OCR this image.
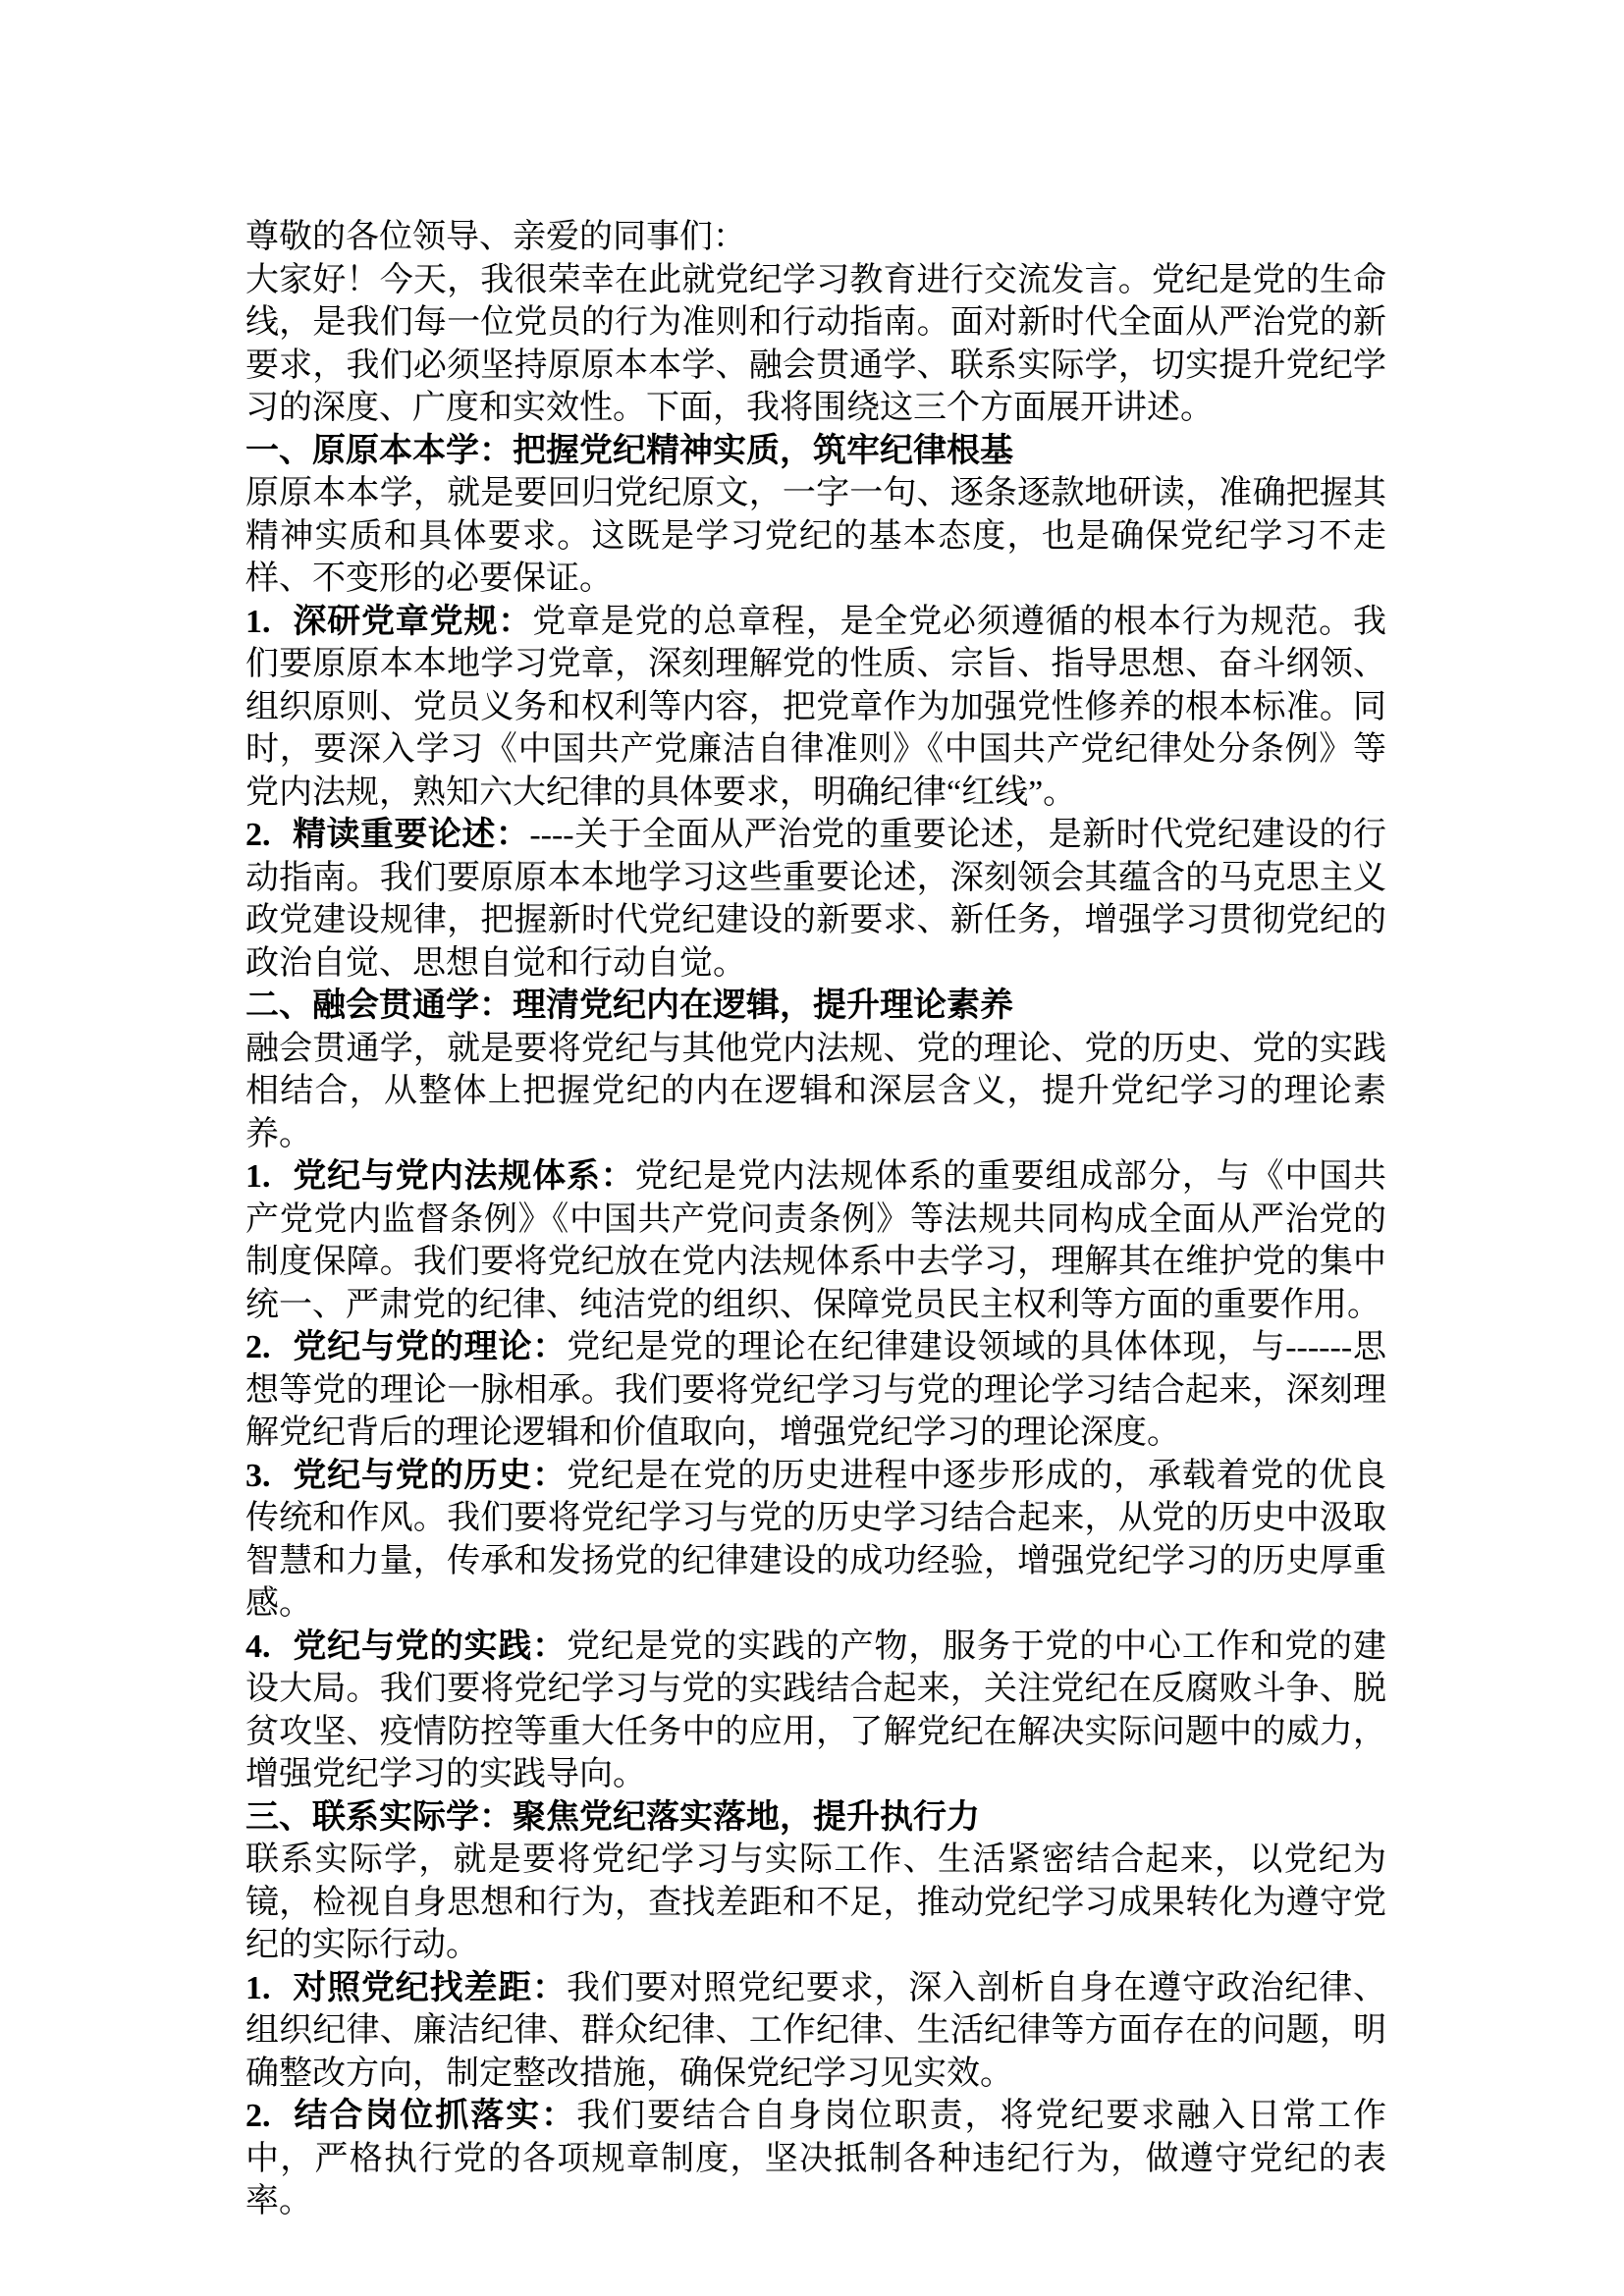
尊敬的各位领导、亲爱的同事们：

大家好！今天，我很荣幸在此就党纪学习教育进行交流发言。党纪是党的生命线，是我们每一位党员的行为准则和行动指南。面对新时代全面从严治党的新要求，我们必须坚持原原本本学、融会贯通学、联系实际学，切实提升党纪学习的深度、广度和实效性。下面，我将围绕这三个方面展开讲述。

一、原原本本学：把握党纪精神实质，筑牢纪律根基

原原本本学，就是要回归党纪原文，一字一句、逐条逐款地研读，准确把握其精神实质和具体要求。这既是学习党纪的基本态度，也是确保党纪学习不走样、不变形的必要保证。

1. 深研党章党规：党章是党的总章程，是全党必须遵循的根本行为规范。我们要原原本本地学习党章，深刻理解党的性质、宗旨、指导思想、奋斗纲领、组织原则、党员义务和权利等内容，把党章作为加强党性修养的根本标准。同时，要深入学习《中国共产党廉洁自律准则》《中国共产党纪律处分条例》等党内法规，熟知六大纪律的具体要求，明确纪律“红线”。

2. 精读重要论述：----关于全面从严治党的重要论述，是新时代党纪建设的行动指南。我们要原原本本地学习这些重要论述，深刻领会其蕴含的马克思主义政党建设规律，把握新时代党纪建设的新要求、新任务，增强学习贯彻党纪的政治自觉、思想自觉和行动自觉。

二、融会贯通学：理清党纪内在逻辑，提升理论素养

融会贯通学，就是要将党纪与其他党内法规、党的理论、党的历史、党的实践相结合，从整体上把握党纪的内在逻辑和深层含义，提升党纪学习的理论素养。

1. 党纪与党内法规体系：党纪是党内法规体系的重要组成部分，与《中国共产党党内监督条例》《中国共产党问责条例》等法规共同构成全面从严治党的制度保障。我们要将党纪放在党内法规体系中去学习，理解其在维护党的集中统一、严肃党的纪律、纯洁党的组织、保障党员民主权利等方面的重要作用。

2. 党纪与党的理论：党纪是党的理论在纪律建设领域的具体体现，与------思想等党的理论一脉相承。我们要将党纪学习与党的理论学习结合起来，深刻理解党纪背后的理论逻辑和价值取向，增强党纪学习的理论深度。

3. 党纪与党的历史：党纪是在党的历史进程中逐步形成的，承载着党的优良传统和作风。我们要将党纪学习与党的历史学习结合起来，从党的历史中汲取智慧和力量，传承和发扬党的纪律建设的成功经验，增强党纪学习的历史厚重感。

4. 党纪与党的实践：党纪是党的实践的产物，服务于党的中心工作和党的建设大局。我们要将党纪学习与党的实践结合起来，关注党纪在反腐败斗争、脱贫攻坚、疫情防控等重大任务中的应用，了解党纪在解决实际问题中的威力，增强党纪学习的实践导向。

三、联系实际学：聚焦党纪落实落地，提升执行力

联系实际学，就是要将党纪学习与实际工作、生活紧密结合起来，以党纪为镜，检视自身思想和行为，查找差距和不足，推动党纪学习成果转化为遵守党纪的实际行动。

1. 对照党纪找差距：我们要对照党纪要求，深入剖析自身在遵守政治纪律、组织纪律、廉洁纪律、群众纪律、工作纪律、生活纪律等方面存在的问题，明确整改方向，制定整改措施，确保党纪学习见实效。

2. 结合岗位抓落实：我们要结合自身岗位职责，将党纪要求融入日常工作中，严格执行党的各项规章制度，坚决抵制各种违纪行为，做遵守党纪的表率。
